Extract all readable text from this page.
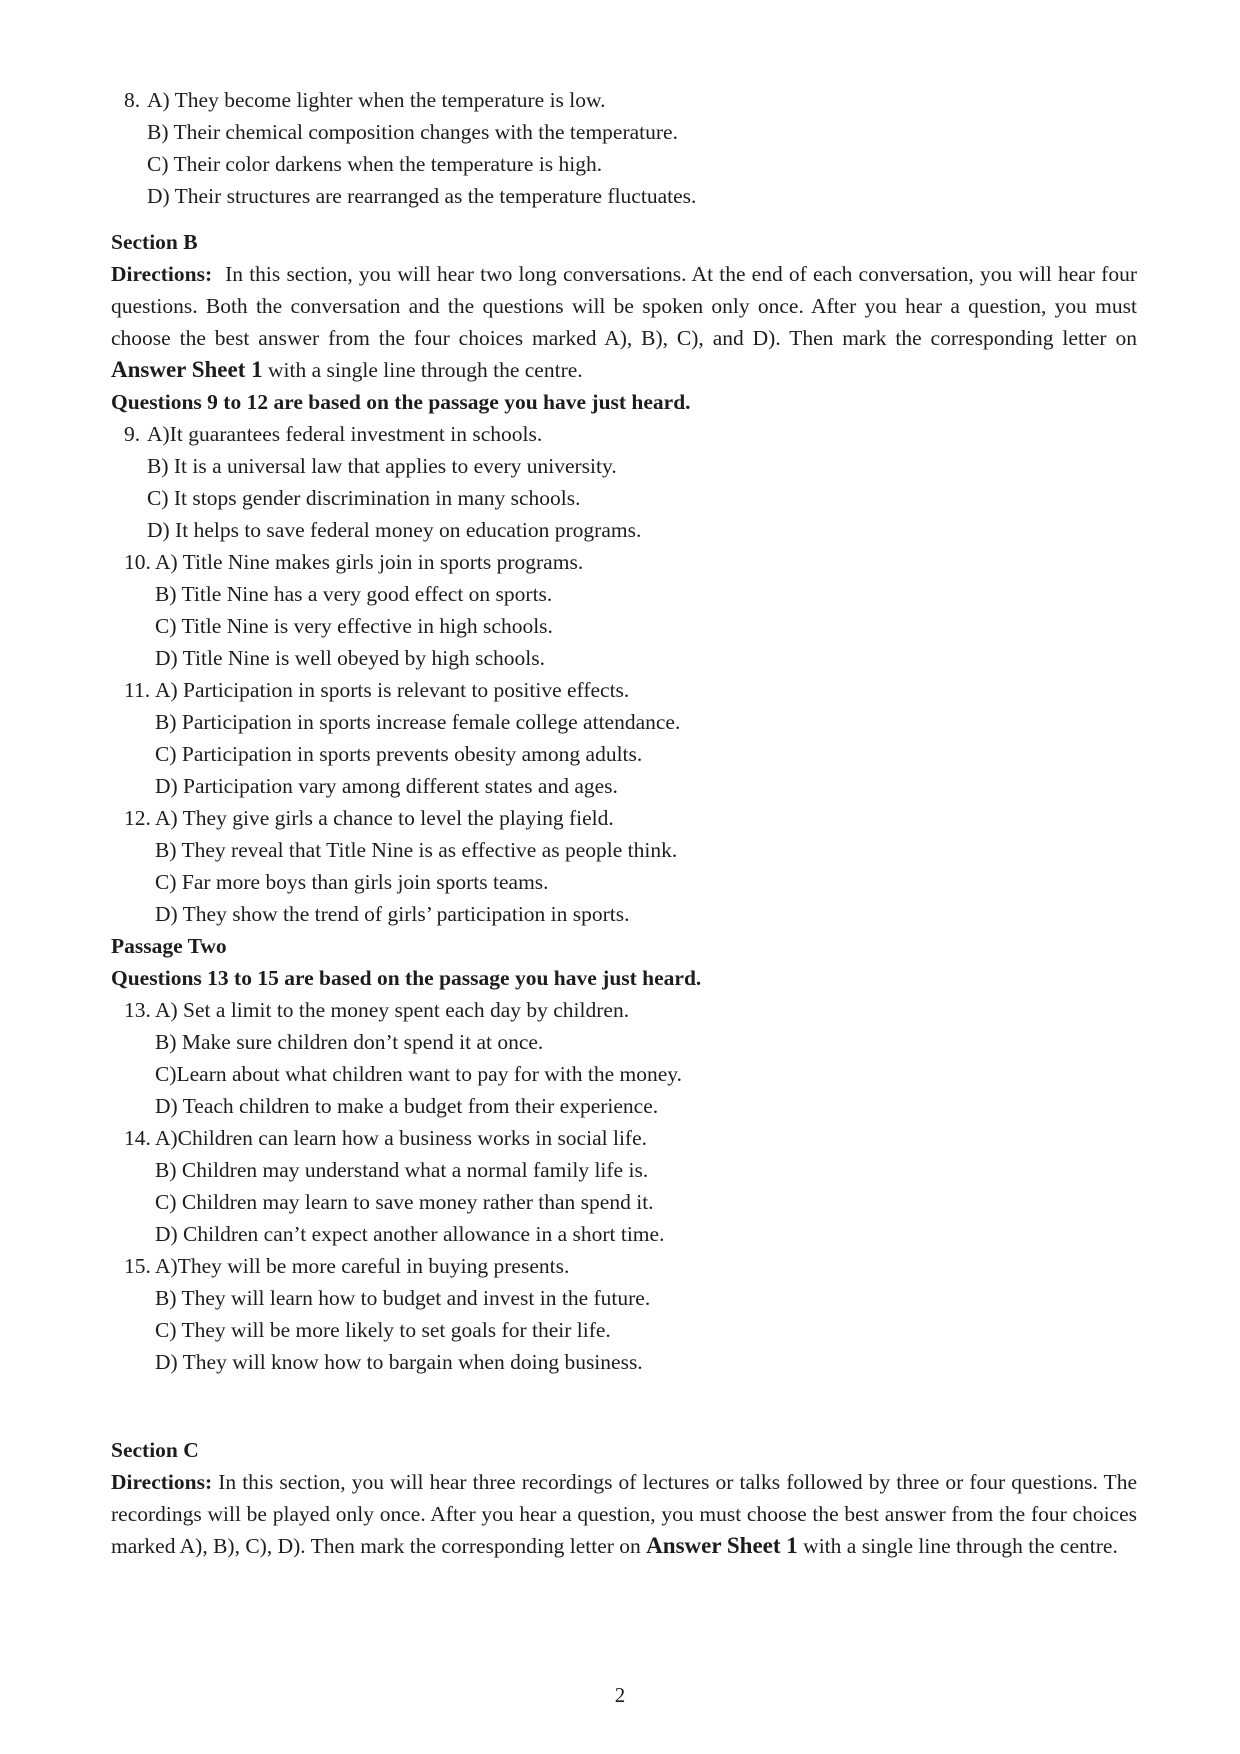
8. A) They become lighter when the temperature is low.
B) Their chemical composition changes with the temperature.
C) Their color darkens when the temperature is high.
D) Their structures are rearranged as the temperature fluctuates.
Section B
Directions: In this section, you will hear two long conversations. At the end of each conversation, you will hear four questions. Both the conversation and the questions will be spoken only once. After you hear a question, you must choose the best answer from the four choices marked A), B), C), and D). Then mark the corresponding letter on Answer Sheet 1 with a single line through the centre.
Questions 9 to 12 are based on the passage you have just heard.
9. A)It guarantees federal investment in schools.
B) It is a universal law that applies to every university.
C) It stops gender discrimination in many schools.
D) It helps to save federal money on education programs.
10. A) Title Nine makes girls join in sports programs.
B) Title Nine has a very good effect on sports.
C) Title Nine is very effective in high schools.
D) Title Nine is well obeyed by high schools.
11. A) Participation in sports is relevant to positive effects.
B) Participation in sports increase female college attendance.
C) Participation in sports prevents obesity among adults.
D) Participation vary among different states and ages.
12. A) They give girls a chance to level the playing field.
B) They reveal that Title Nine is as effective as people think.
C) Far more boys than girls join sports teams.
D) They show the trend of girls’ participation in sports.
Passage Two
Questions 13 to 15 are based on the passage you have just heard.
13. A) Set a limit to the money spent each day by children.
B) Make sure children don’t spend it at once.
C)Learn about what children want to pay for with the money.
D) Teach children to make a budget from their experience.
14. A)Children can learn how a business works in social life.
B) Children may understand what a normal family life is.
C) Children may learn to save money rather than spend it.
D) Children can’t expect another allowance in a short time.
15. A)They will be more careful in buying presents.
B) They will learn how to budget and invest in the future.
C) They will be more likely to set goals for their life.
D) They will know how to bargain when doing business.
Section C
Directions: In this section, you will hear three recordings of lectures or talks followed by three or four questions. The recordings will be played only once. After you hear a question, you must choose the best answer from the four choices marked A), B), C), D). Then mark the corresponding letter on Answer Sheet 1 with a single line through the centre.
2
